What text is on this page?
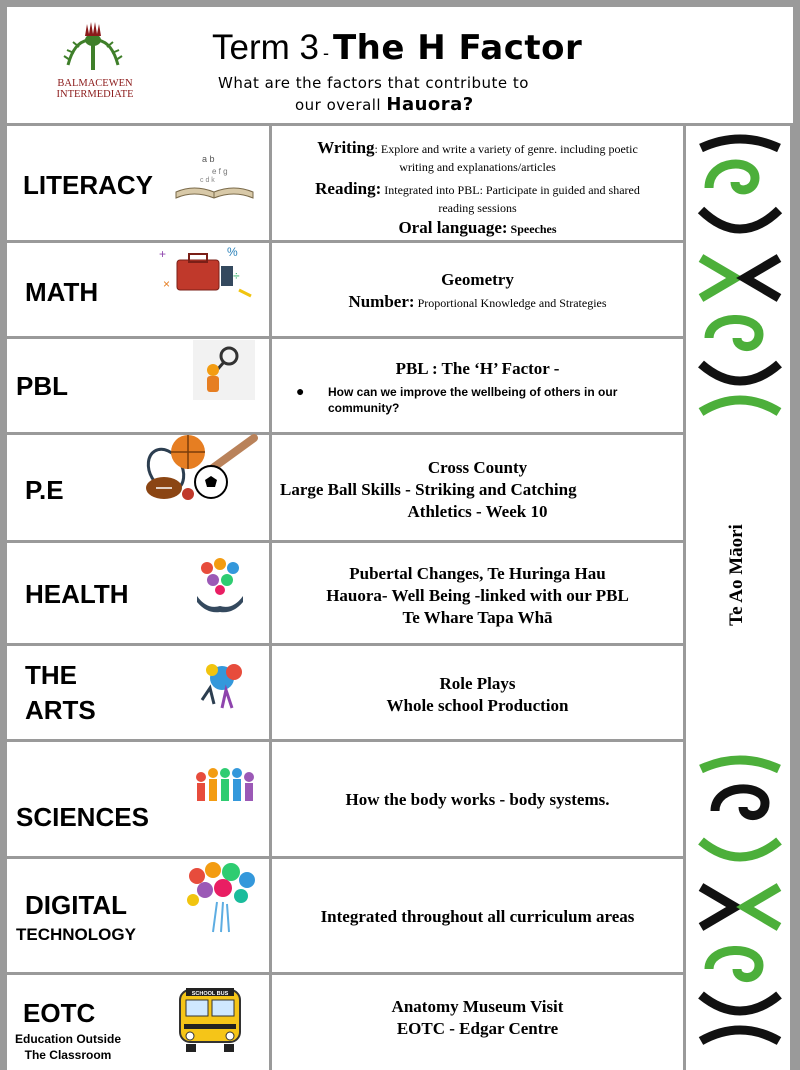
BALMACEWEN
INTERMEDIATE
Term 3 - The H Factor
What are the factors that contribute to
our overall Hauora?
LITERACY
a b
e f g
c d k
Writing: Explore and write a variety of genre. including poetic
writing and explanations/articles
Reading: Integrated into PBL: Participate in guided and shared
reading sessions
Oral language: Speeches
MATH
+	%
÷
×	Geometry
Number: Proportional Knowledge and Strategies
PBL
PBL : The ‘H’ Factor -
● How can we improve the wellbeing of others in our community?
P.E
Cross County
Large Ball Skills - Striking and Catching
Athletics - Week 10
HEALTH
Pubertal Changes, Te Huringa Hau
Hauora- Well Being -linked with our PBL
Te Whare Tapa Whā
THE
ARTS
Role Plays
Whole school Production
SCIENCES
How the body works - body systems.
DIGITAL
TECHNOLOGY
Integrated throughout all curriculum areas
EOTC
Education Outside
The Classroom
SCHOOL BUS
Anatomy Museum Visit
EOTC - Edgar Centre
Te Ao Māori
